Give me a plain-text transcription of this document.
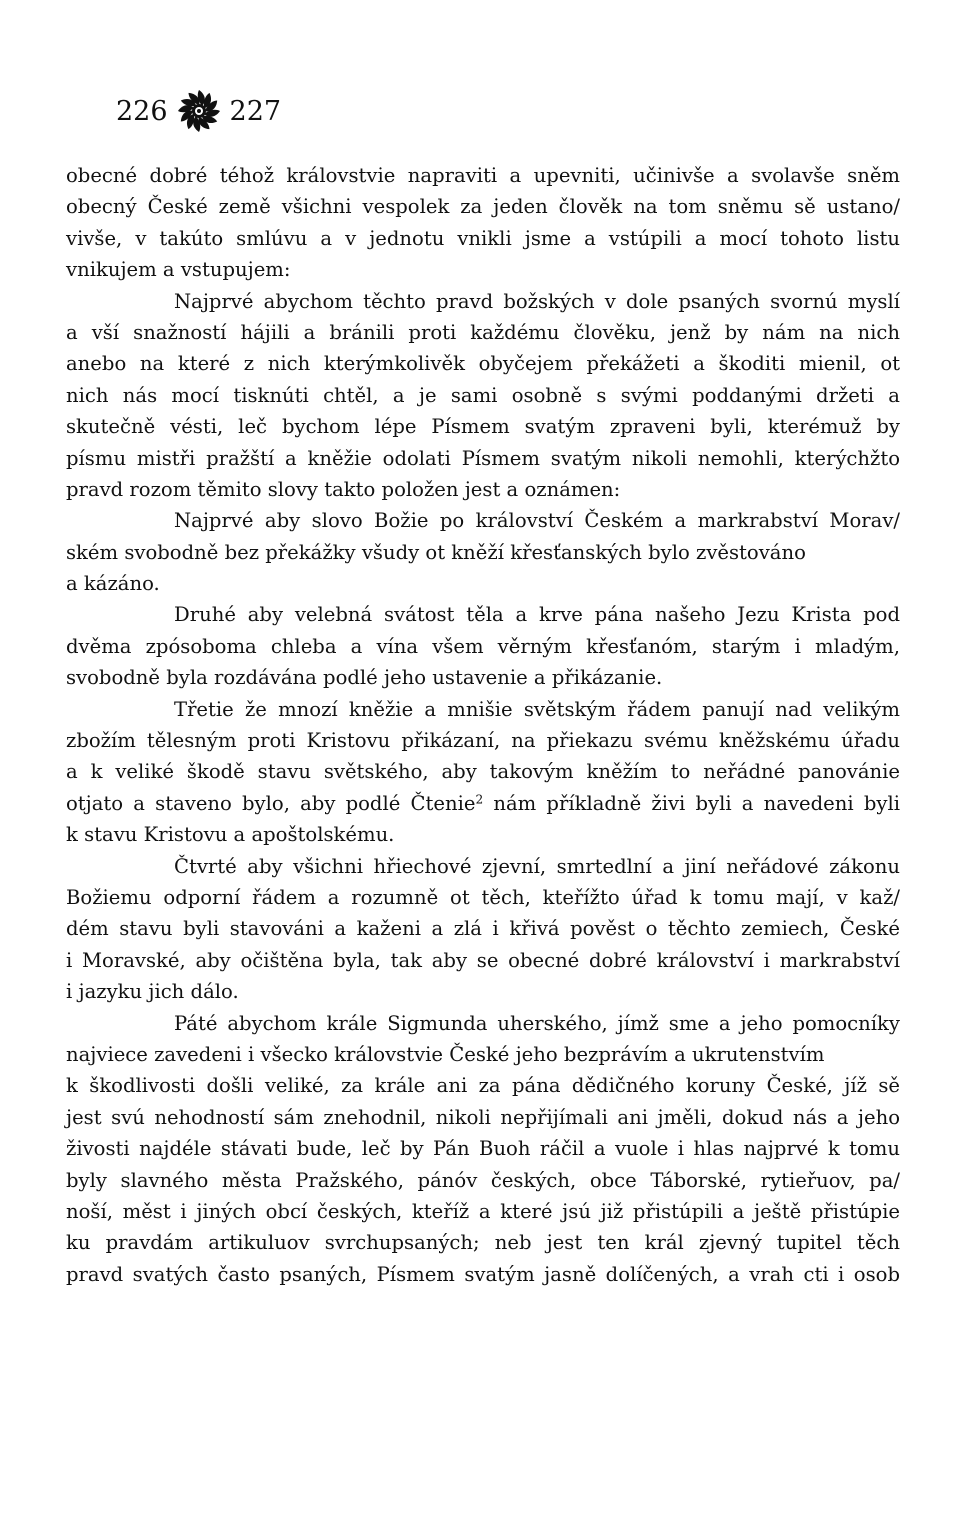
226 227
obecné dobré téhož královstvie napraviti a upevniti, učinivše a svolavše sněm
obecný České země všichni vespolek za jeden člověk na tom sněmu sě ustano/
vivše, v takúto smlúvu a v jednotu vnikli jsme a vstúpili a mocí tohoto listu
vnikujem a vstupujem:
Najprvé abychom těchto pravd božských v dole psaných svornú myslí
a vší snažností hájili a bránili proti každému člověku, jenž by nám na nich
anebo na které z nich kterýmkolivěk obyčejem překážeti a škoditi mienil, ot
nich nás mocí tisknúti chtěl, a je sami osobně s svými poddanými držeti a
skutečně vésti, leč bychom lépe Písmem svatým zpraveni byli, kterémuž by
písmu mistři pražští a kněžie odolati Písmem svatým nikoli nemohli, kterýchžto
pravd rozom těmito slovy takto položen jest a oznámen:
Najprvé aby slovo Božie po království Českém a markrabství Morav/
ském svobodně bez překážky všudy ot kněží křesťanských bylo zvěstováno
a kázáno.
Druhé aby velebná svátost těla a krve pána našeho Jezu Krista pod
dvěma zpósoboma chleba a vína všem věrným křesťanóm, starým i mladým,
svobodně byla rozdávána podlé jeho ustavenie a přikázanie.
Třetie že mnozí kněžie a mnišie světským řádem panují nad velikým
zbožím tělesným proti Kristovu přikázaní, na přiekazu svému kněžskému úřadu
a k veliké škodě stavu světského, aby takovým kněžím to neřádné panovánie
otjato a staveno bylo, aby podlé Čtenie$^2$ nám příkladně živi byli a navedeni byli
k stavu Kristovu a apoštolskému.
Čtvrté aby všichni hřiechové zjevní, smrtedlní a jiní neřádové zákonu
Božiemu odporní řádem a rozumně ot těch, kteřížto úřad k tomu mají, v kaž/
dém stavu byli stavováni a kaženi a zlá i křivá pověst o těchto zemiech, České
i Moravské, aby očištěna byla, tak aby se obecné dobré království i markrabství
i jazyku jich dálo.
Páté abychom krále Sigmunda uherského, jímž sme a jeho pomocníky
najviece zavedeni i všecko královstvie České jeho bezprávím a ukrutenstvím
k škodlivosti došli veliké, za krále ani za pána dědičného koruny České, jíž sě
jest svú nehodností sám znehodnil, nikoli nepřijímali ani jměli, dokud nás a jeho
živosti najdéle stávati bude, leč by Pán Buoh ráčil a vuole i hlas najprvé k tomu
byly slavného města Pražského, pánóv českých, obce Táborské, rytieřuov, pa/
noší, měst i jiných obcí českých, kteříž a které jsú již přistúpili a ještě přistúpie
ku pravdám artikuluov svrchupsaných; neb jest ten král zjevný tupitel těch
pravd svatých často psaných, Písmem svatým jasně dolíčených, a vrah cti i osob
